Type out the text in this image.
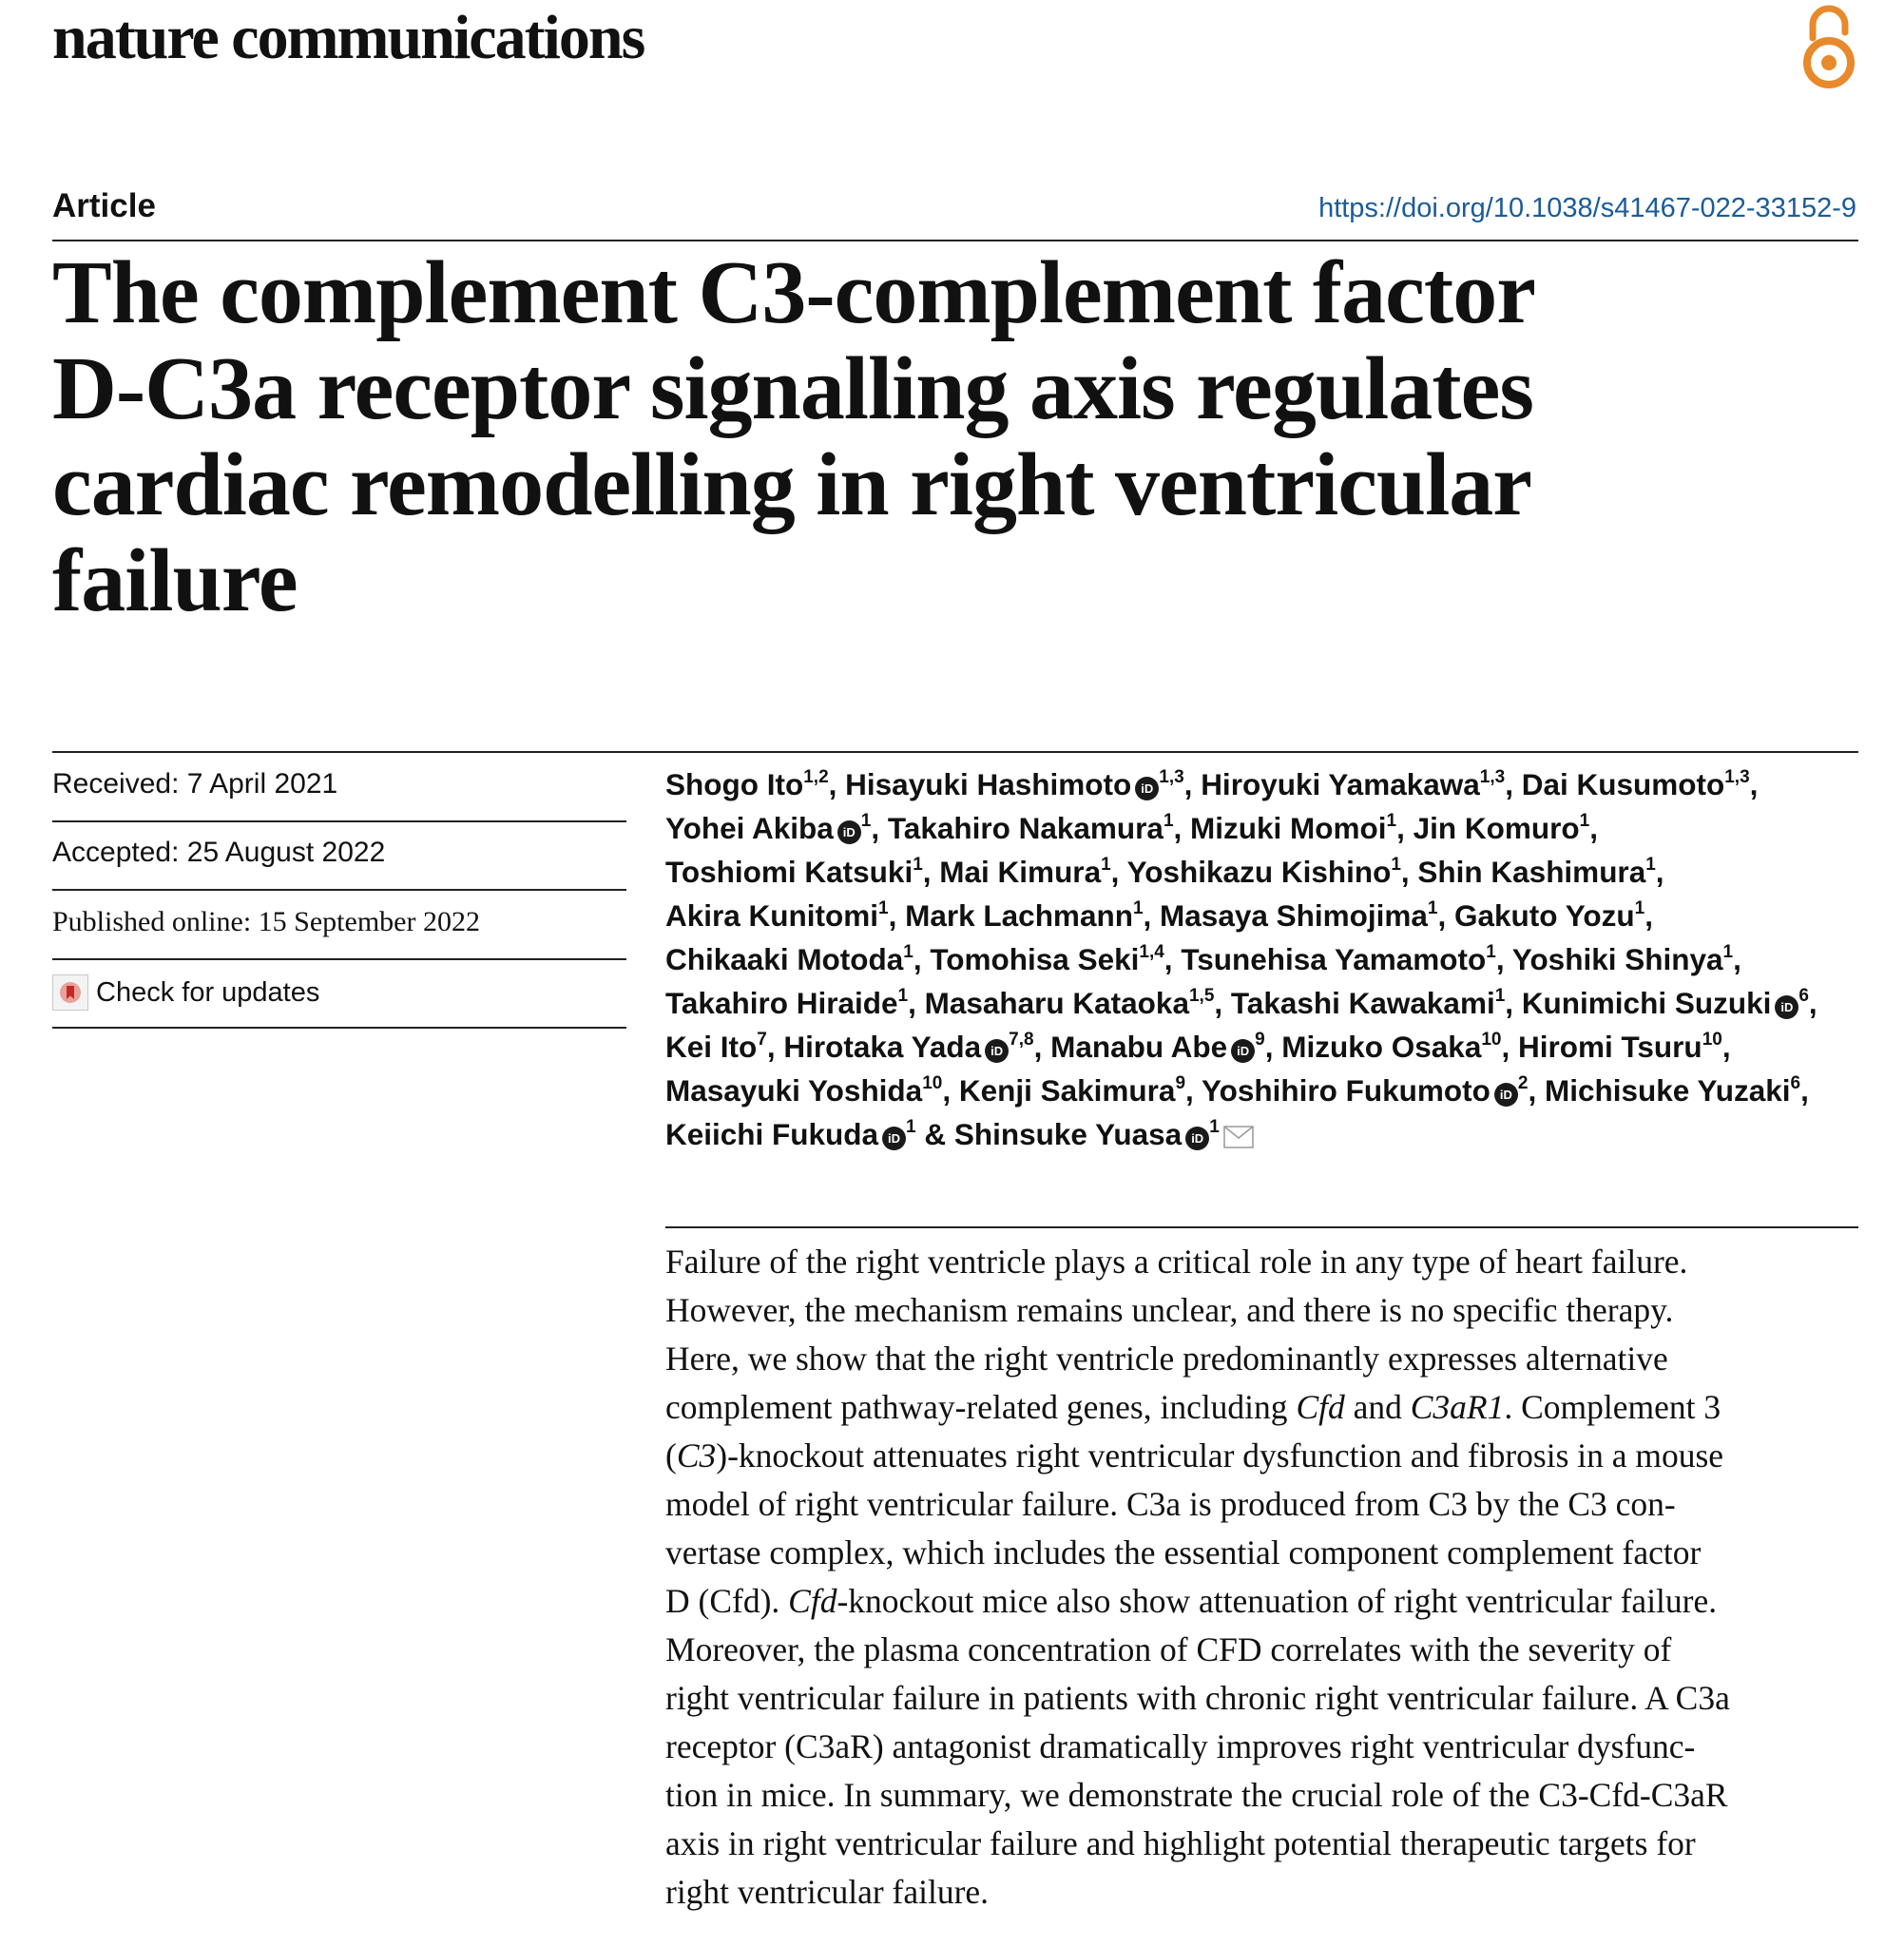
nature communications
Article	https://doi.org/10.1038/s41467-022-33152-9
The complement C3-complement factor
D-C3a receptor signalling axis regulates
cardiac remodelling in right ventricular
failure
Received: 7 April 2021
Accepted: 25 August 2022
Published online: 15 September 2022
Check for updates
Shogo Ito$^{1,2}$, Hisayuki Hashimoto iD$^{1,3}$, Hiroyuki Yamakawa$^{1,3}$, Dai Kusumoto$^{1,3}$,
Yohei Akiba $iD^1$, Takahiro Nakamura$^1$, Mizuki Momoi$^1$, Jin Komuro$^1$,
Toshiomi Katsuki$^1$, Mai Kimura$^1$, Yoshikazu Kishino$^1$, Shin Kashimura$^1$,
Akira Kunitomi$^1$, Mark Lachmann$^1$, Masaya Shimojima$^1$, Gakuto Yozu$^1$,
Chikaaki Motoda$^1$, Tomohisa Seki$^{1,4}$, Tsunehisa Yamamoto$^1$, Yoshiki Shinya$^1$,
Takahiro Hiraide$^1$, Masaharu Kataoka$^{1,5}$, Takashi Kawakami$^1$, Kunimichi Suzuki $iD^6$,
Kei Ito$^7$, Hirotaka Yada iD$^{7,8}$, Manabu Abe $iD^9$, Mizuko Osaka$^{10}$, Hiromi Tsuru$^{10}$,
Masayuki Yoshida$^{10}$, Kenji Sakimura$^9$, Yoshihiro Fukumoto $iD^2$, Michisuke Yuzaki$^6$,
Keiichi Fukuda $iD^1$ & Shinsuke Yuasa $iD^1$
Failure of the right ventricle plays a critical role in any type of heart failure.
However, the mechanism remains unclear, and there is no specific therapy.
Here, we show that the right ventricle predominantly expresses alternative
complement pathway-related genes, including Cfd and C3aR1. Complement 3
(C3)-knockout attenuates right ventricular dysfunction and fibrosis in a mouse
model of right ventricular failure. C3a is produced from C3 by the C3 con-
vertase complex, which includes the essential component complement factor
D (Cfd). Cfd-knockout mice also show attenuation of right ventricular failure.
Moreover, the plasma concentration of CFD correlates with the severity of
right ventricular failure in patients with chronic right ventricular failure. A C3a
receptor (C3aR) antagonist dramatically improves right ventricular dysfunc-
tion in mice. In summary, we demonstrate the crucial role of the C3-Cfd-C3aR
axis in right ventricular failure and highlight potential therapeutic targets for
right ventricular failure.
